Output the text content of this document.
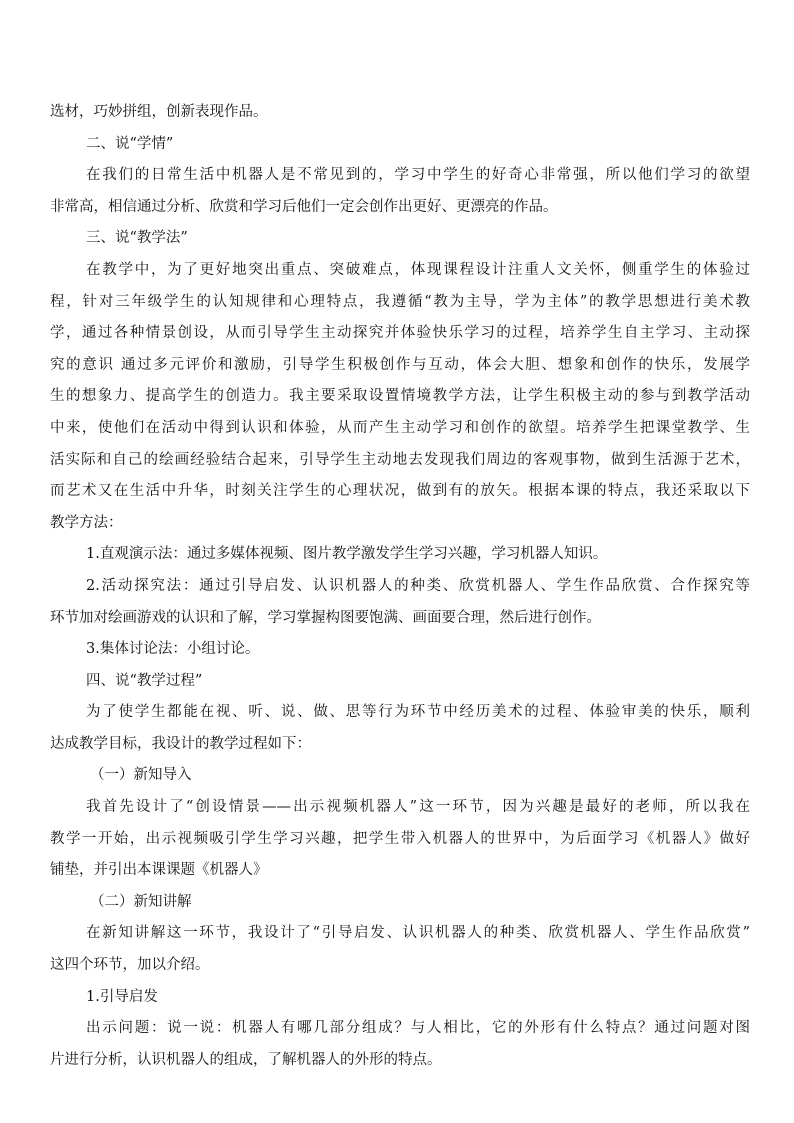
选材，巧妙拼组，创新表现作品。
二、说“学情”
在我们的日常生活中机器人是不常见到的，学习中学生的好奇心非常强，所以他们学习的欲望
非常高，相信通过分析、欣赏和学习后他们一定会创作出更好、更漂亮的作品。
三、说“教学法”
在教学中，为了更好地突出重点、突破难点，体现课程设计注重人文关怀，侧重学生的体验过
程，针对三年级学生的认知规律和心理特点，我遵循“教为主导，学为主体”的教学思想进行美术教
学，通过各种情景创设，从而引导学生主动探究并体验快乐学习的过程，培养学生自主学习、主动探
究的意识 通过多元评价和激励，引导学生积极创作与互动，体会大胆、想象和创作的快乐，发展学
生的想象力、提高学生的创造力。我主要采取设置情境教学方法，让学生积极主动的参与到教学活动
中来，使他们在活动中得到认识和体验，从而产生主动学习和创作的欲望。培养学生把课堂教学、生
活实际和自己的绘画经验结合起来，引导学生主动地去发现我们周边的客观事物，做到生活源于艺术，
而艺术又在生活中升华，时刻关注学生的心理状况，做到有的放矢。根据本课的特点，我还采取以下
教学方法：
1.直观演示法：通过多媒体视频、图片教学激发学生学习兴趣，学习机器人知识。
2.活动探究法：通过引导启发、认识机器人的种类、欣赏机器人、学生作品欣赏、合作探究等
环节加对绘画游戏的认识和了解，学习掌握构图要饱满、画面要合理，然后进行创作。
3.集体讨论法：小组讨论。
四、说“教学过程”
为了使学生都能在视、听、说、做、思等行为环节中经历美术的过程、体验审美的快乐，顺利
达成教学目标，我设计的教学过程如下：
（一）新知导入
我首先设计了“创设情景——出示视频机器人”这一环节，因为兴趣是最好的老师，所以我在
教学一开始，出示视频吸引学生学习兴趣，把学生带入机器人的世界中，为后面学习《机器人》做好
铺垫，并引出本课课题《机器人》
（二）新知讲解
在新知讲解这一环节，我设计了“引导启发、认识机器人的种类、欣赏机器人、学生作品欣赏”
这四个环节，加以介绍。
1.引导启发
出示问题：说一说：机器人有哪几部分组成？与人相比，它的外形有什么特点？通过问题对图
片进行分析，认识机器人的组成，了解机器人的外形的特点。
